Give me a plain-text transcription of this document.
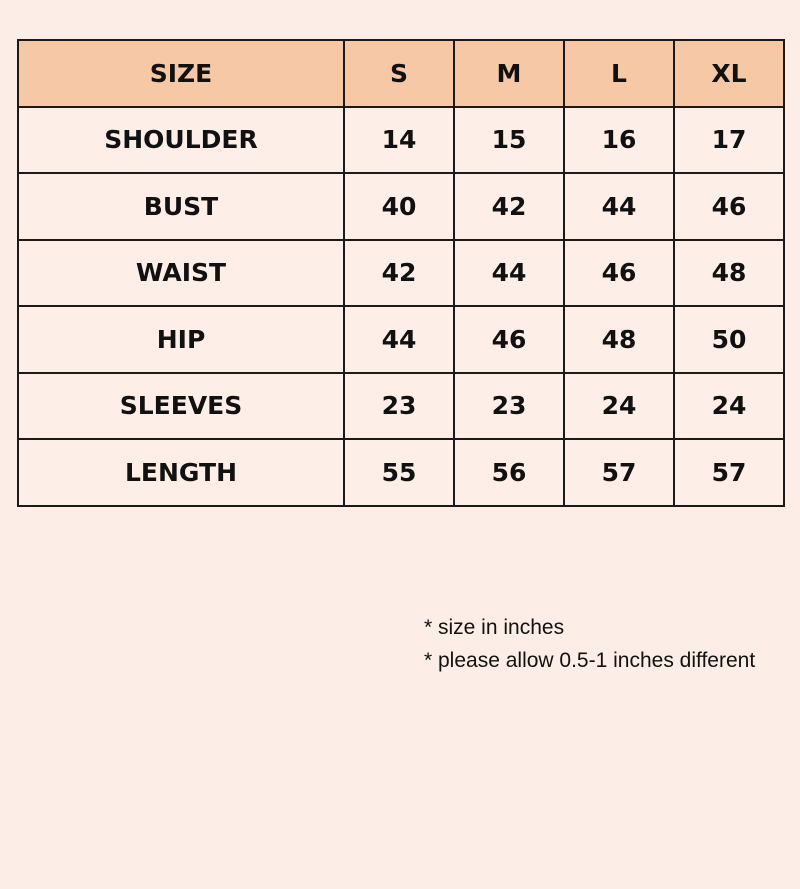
SIZE	S	M	L	XL
SHOULDER	14	15	16	17
BUST	40	42	44	46
WAIST	42	44	46	48
HIP	44	46	48	50
SLEEVES	23	23	24	24
LENGTH	55	56	57	57
* size in inches
* please allow 0.5-1 inches different
